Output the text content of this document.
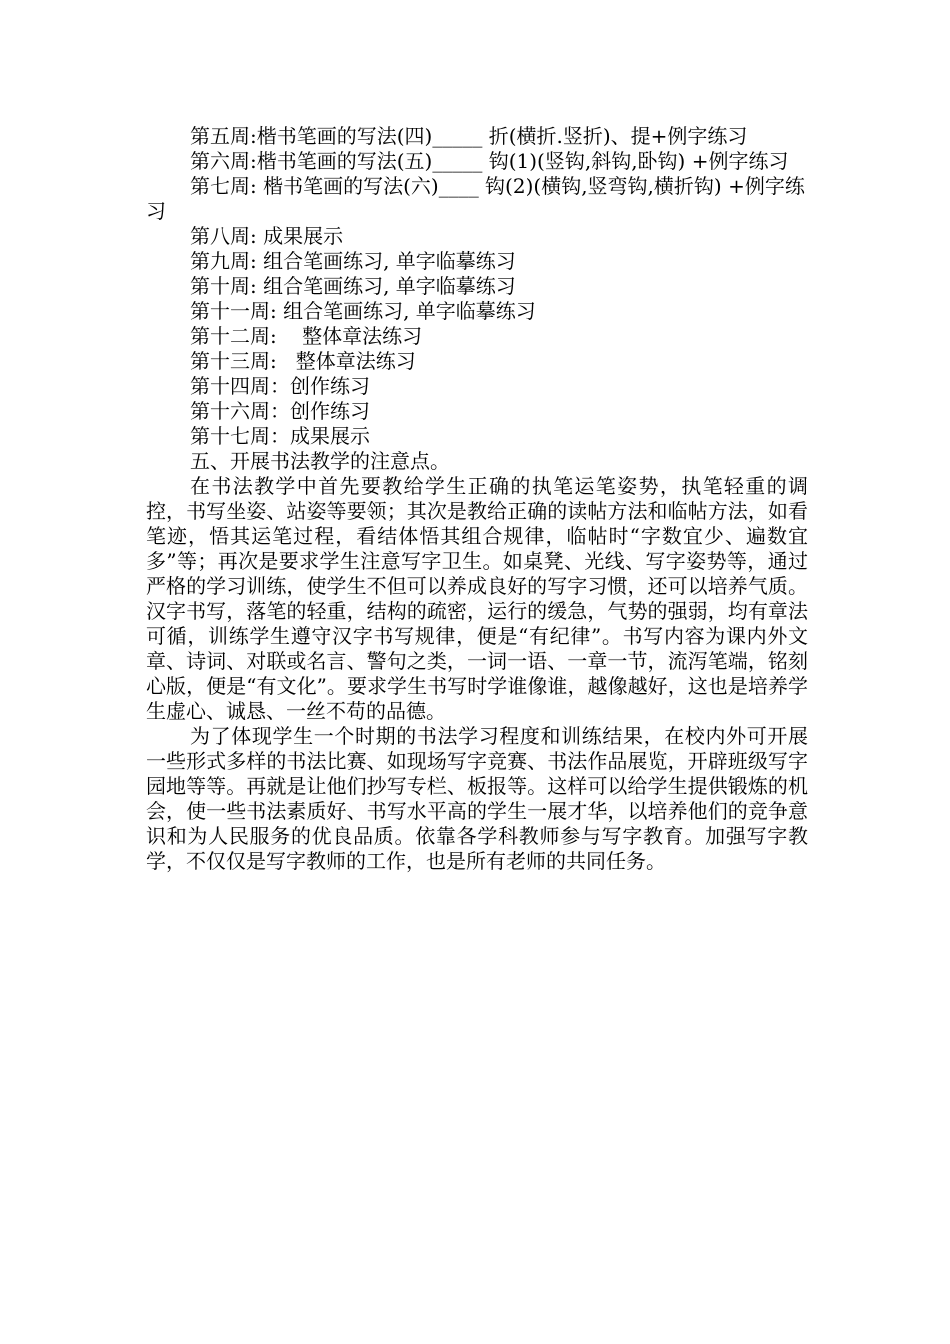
第五周:楷书笔画的写法(四)_____ 折(横折.竖折)、提+例字练习
第六周:楷书笔画的写法(五)_____ 钩(1)(竖钩,斜钩,卧钩) +例字练习
第七周: 楷书笔画的写法(六)____ 钩(2)(横钩,竖弯钩,横折钩) +例字练习
第八周: 成果展示
第九周: 组合笔画练习, 单字临摹练习
第十周: 组合笔画练习, 单字临摹练习
第十一周: 组合笔画练习, 单字临摹练习
第十二周:    整体章法练习
第十三周:   整体章法练习
第十四周：创作练习
第十六周：创作练习
第十七周：成果展示
五、开展书法教学的注意点。
在书法教学中首先要教给学生正确的执笔运笔姿势，执笔轻重的调控，书写坐姿、站姿等要领；其次是教给正确的读帖方法和临帖方法，如看笔迹，悟其运笔过程，看结体悟其组合规律，临帖时“字数宜少、遍数宜多”等；再次是要求学生注意写字卫生。如桌凳、光线、写字姿势等，通过严格的学习训练，使学生不但可以养成良好的写字习惯，还可以培养气质。汉字书写，落笔的轻重，结构的疏密，运行的缓急，气势的强弱，均有章法可循，训练学生遵守汉字书写规律，便是“有纪律”。书写内容为课内外文章、诗词、对联或名言、警句之类，一词一语、一章一节，流泻笔端，铭刻心版，便是“有文化”。要求学生书写时学谁像谁，越像越好，这也是培养学生虚心、诚恳、一丝不苟的品德。
为了体现学生一个时期的书法学习程度和训练结果，在校内外可开展一些形式多样的书法比赛、如现场写字竞赛、书法作品展览，开辟班级写字园地等等。再就是让他们抄写专栏、板报等。这样可以给学生提供锻炼的机会，使一些书法素质好、书写水平高的学生一展才华，以培养他们的竞争意识和为人民服务的优良品质。依靠各学科教师参与写字教育。加强写字教学，不仅仅是写字教师的工作，也是所有老师的共同任务。
